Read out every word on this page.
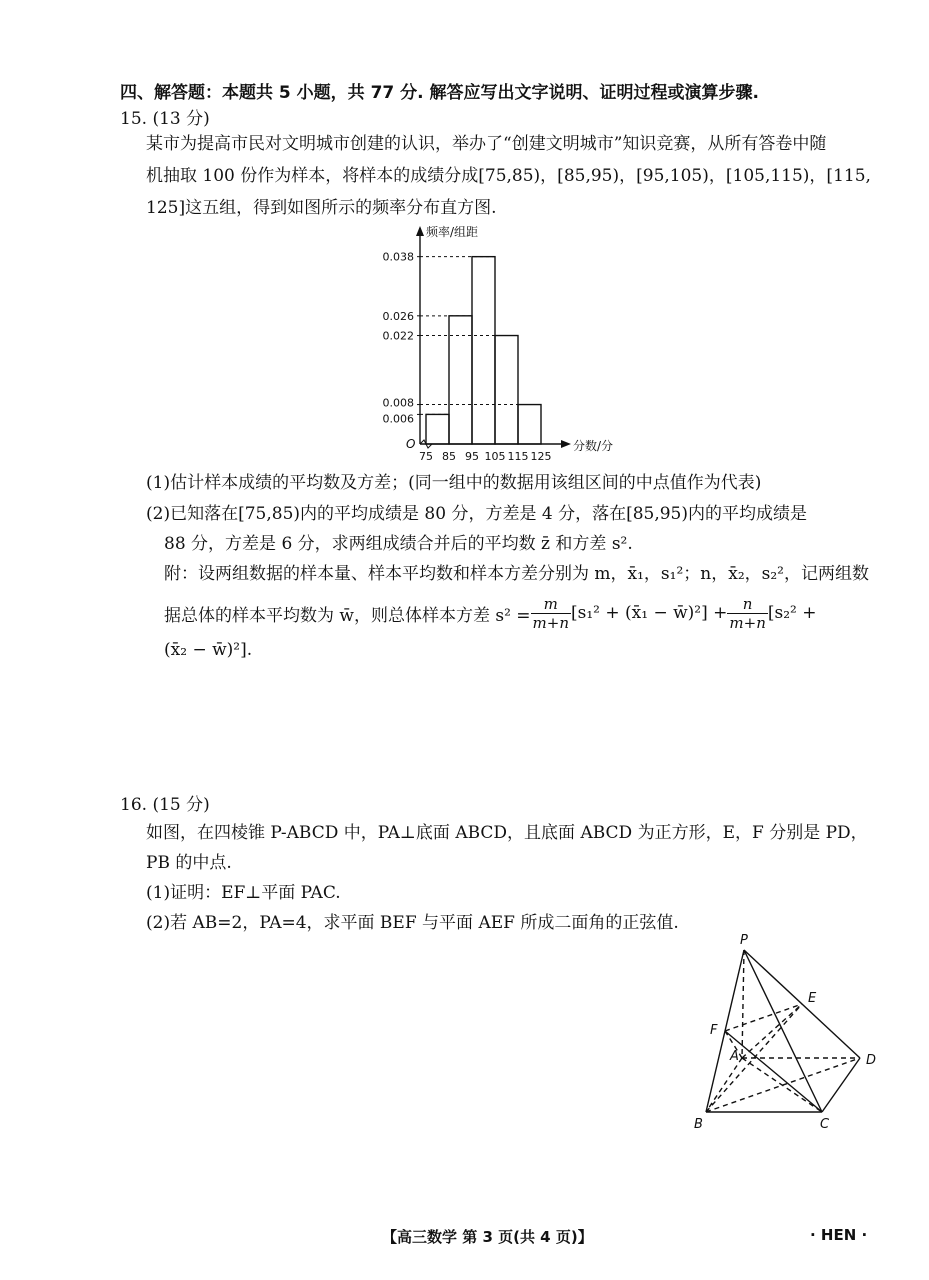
四、解答题：本题共 5 小题，共 77 分. 解答应写出文字说明、证明过程或演算步骤.
15. (13 分)
某市为提高市民对文明城市创建的认识，举办了“创建文明城市”知识竞赛，从所有答卷中随
机抽取 100 份作为样本，将样本的成绩分成[75,85)，[85,95)，[95,105)，[105,115)，[115,
125]这五组，得到如图所示的频率分布直方图.
频率/组距
分数/分
O
0.038
0.026
0.022
0.008
0.006
75 85 95 105 115 125
(1)估计样本成绩的平均数及方差；(同一组中的数据用该组区间的中点值作为代表)
(2)已知落在[75,85)内的平均成绩是 80 分，方差是 4 分，落在[85,95)内的平均成绩是
88 分，方差是 6 分，求两组成绩合并后的平均数 z̄ 和方差 s².
附：设两组数据的样本量、样本平均数和样本方差分别为 m，x̄₁，s₁²；n，x̄₂，s₂²，记两组数
据总体的样本平均数为 w̄，则总体样本方差 $s^2 = \frac{m}{m+n} [s_1^2$ + (x̄₁ − w̄)²] + $\frac{n}{m+n} [s_2^2$ +
(x̄₂ − w̄)²].
16. (15 分)
如图，在四棱锥 P-ABCD 中，PA⊥底面 ABCD，且底面 ABCD 为正方形，E，F 分别是 PD，
PB 的中点.
(1)证明：EF⊥平面 PAC.
(2)若 AB=2，PA=4，求平面 BEF 与平面 AEF 所成二面角的正弦值.
P
E
F
A	D
B	C
【高三数学 第 3 页(共 4 页)】	· HEN ·
